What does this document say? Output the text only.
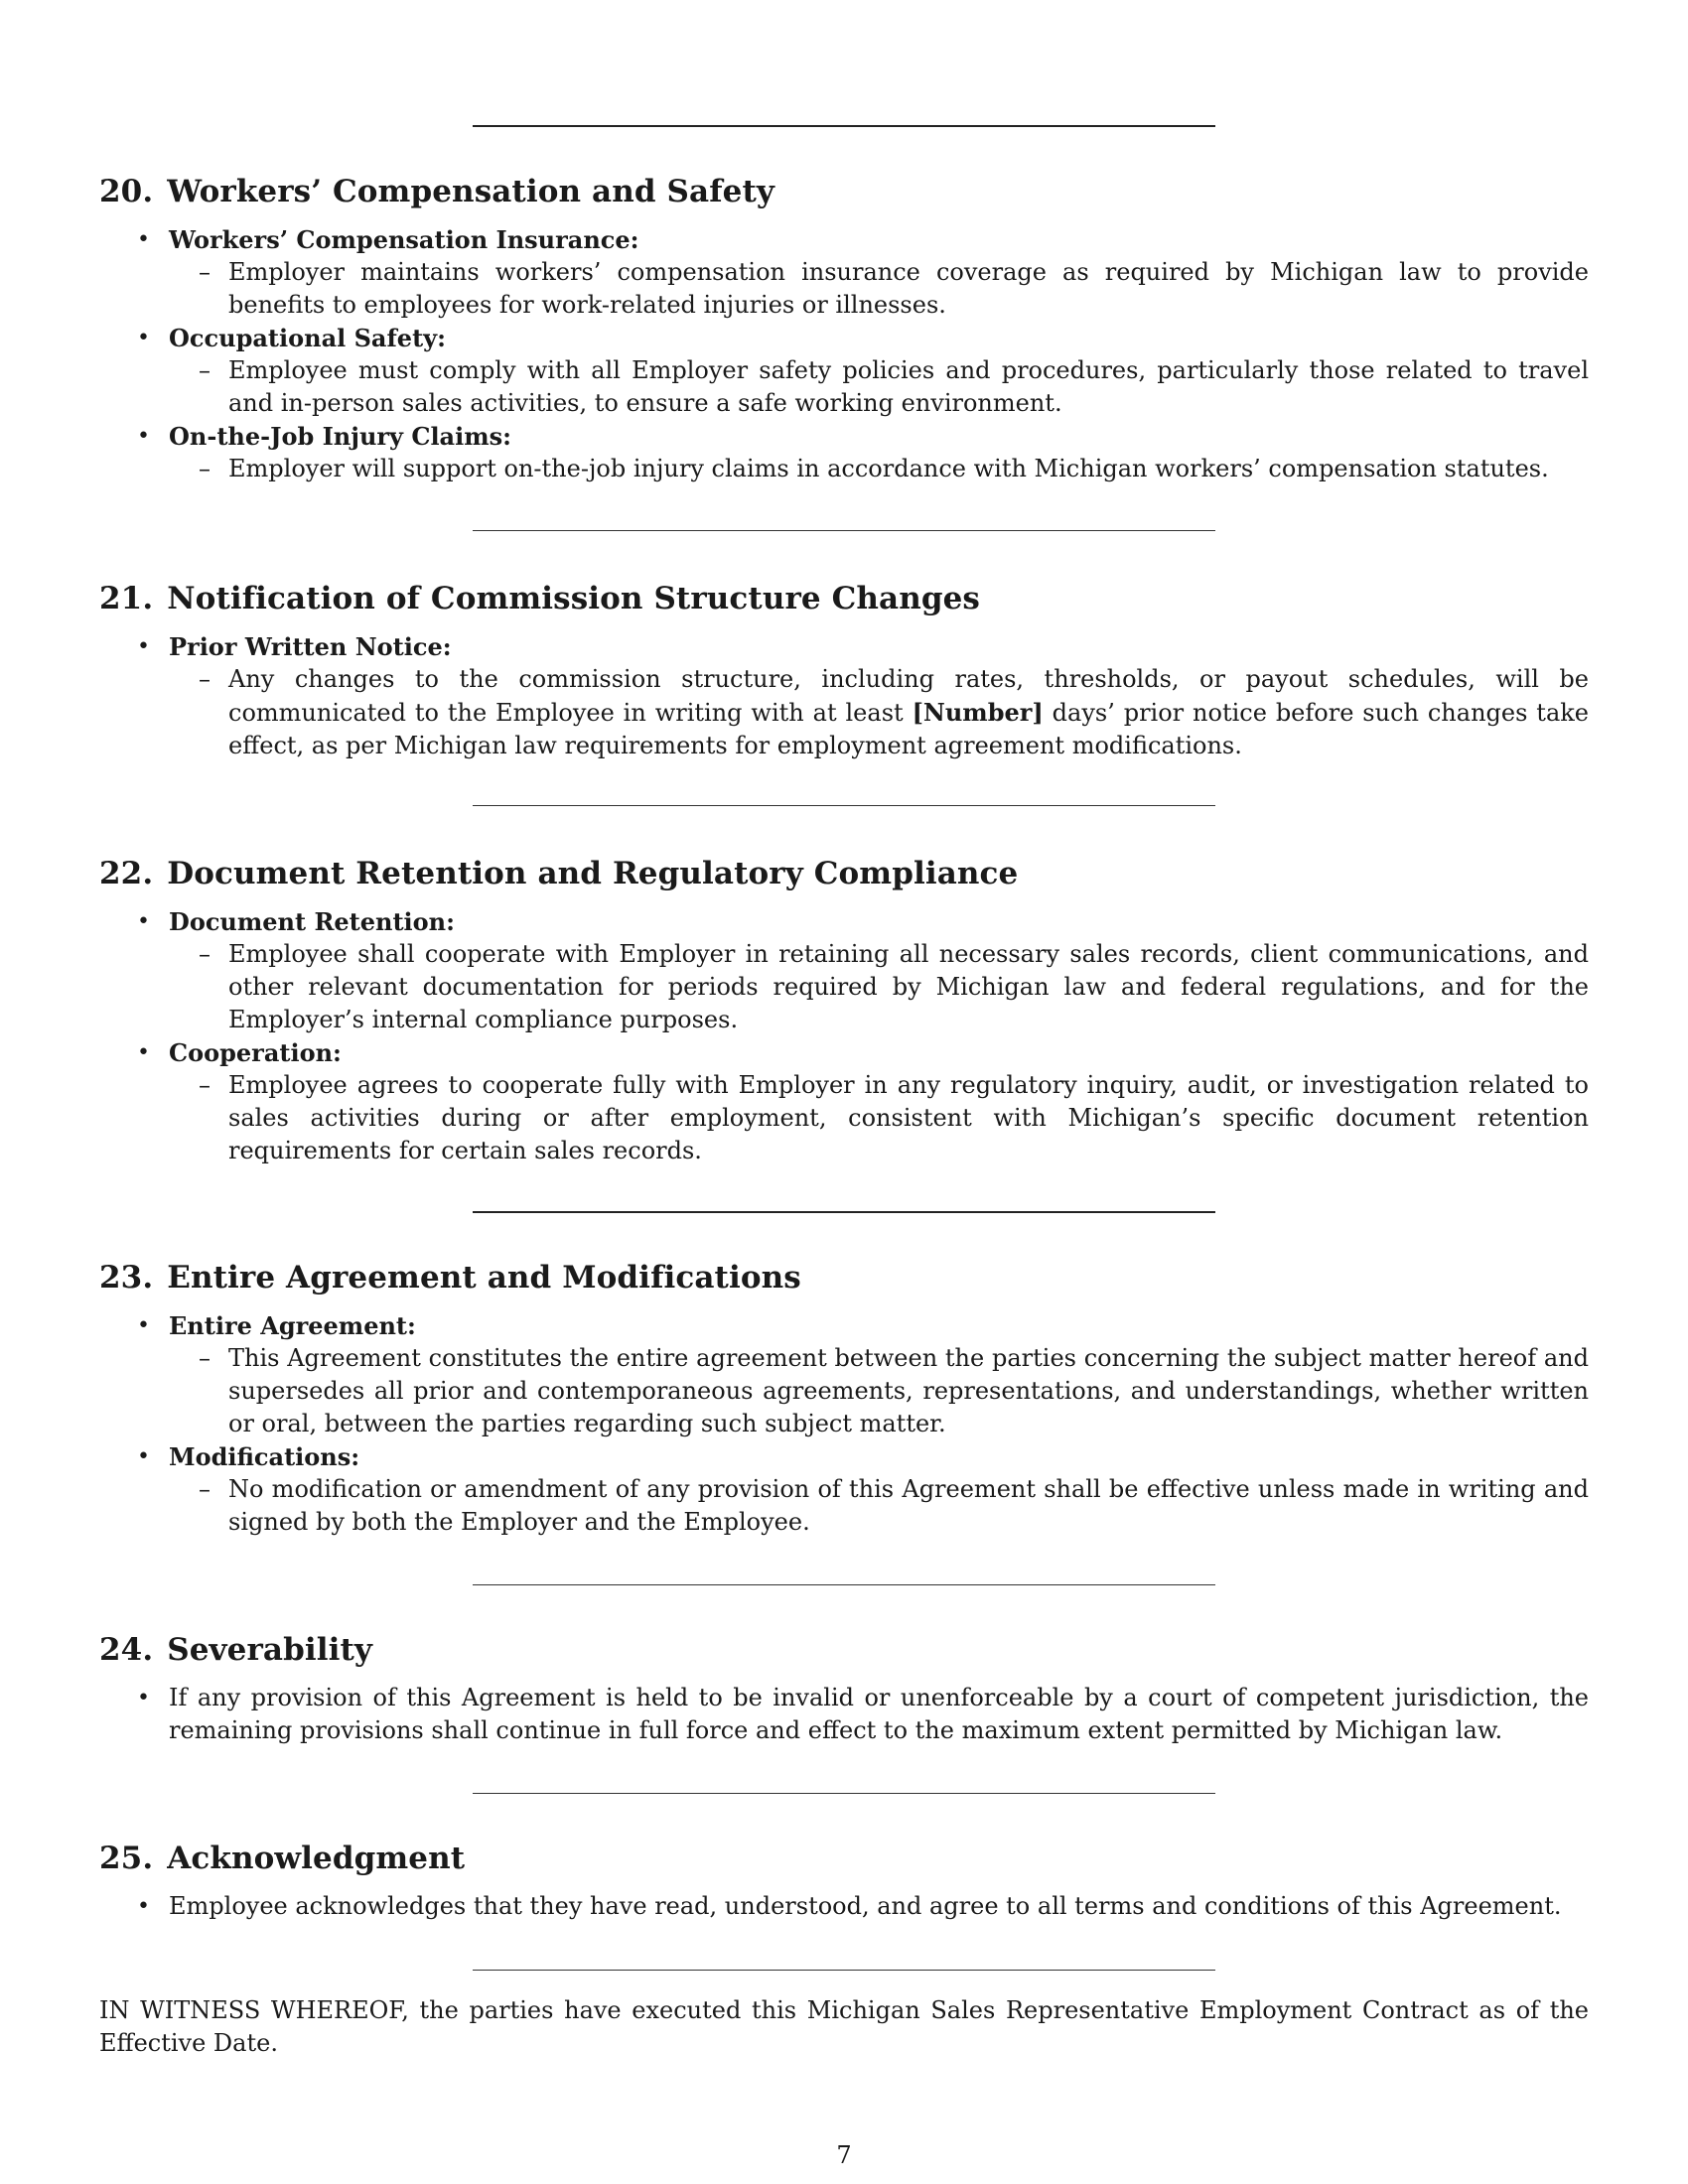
20. Workers’ Compensation and Safety
• Workers’ Compensation Insurance:
– Employer maintains workers’ compensation insurance coverage as required by Michigan law to provide benefits to employees for work-related injuries or illnesses.
• Occupational Safety:
– Employee must comply with all Employer safety policies and procedures, particularly those related to travel and in-person sales activities, to ensure a safe working environment.
• On-the-Job Injury Claims:
– Employer will support on-the-job injury claims in accordance with Michigan workers’ compensation statutes.
21. Notification of Commission Structure Changes
• Prior Written Notice:
– Any changes to the commission structure, including rates, thresholds, or payout schedules, will be communicated to the Employee in writing with at least [Number] days’ prior notice before such changes take effect, as per Michigan law requirements for employment agreement modifications.
22. Document Retention and Regulatory Compliance
• Document Retention:
– Employee shall cooperate with Employer in retaining all necessary sales records, client communications, and other relevant documentation for periods required by Michigan law and federal regulations, and for the Employer’s internal compliance purposes.
• Cooperation:
– Employee agrees to cooperate fully with Employer in any regulatory inquiry, audit, or investigation related to sales activities during or after employment, consistent with Michigan’s specific document retention requirements for certain sales records.
23. Entire Agreement and Modifications
• Entire Agreement:
– This Agreement constitutes the entire agreement between the parties concerning the subject matter hereof and supersedes all prior and contemporaneous agreements, representations, and understandings, whether written or oral, between the parties regarding such subject matter.
• Modifications:
– No modification or amendment of any provision of this Agreement shall be effective unless made in writing and signed by both the Employer and the Employee.
24. Severability
• If any provision of this Agreement is held to be invalid or unenforceable by a court of competent jurisdiction, the remaining provisions shall continue in full force and effect to the maximum extent permitted by Michigan law.
25. Acknowledgment
• Employee acknowledges that they have read, understood, and agree to all terms and conditions of this Agreement.
IN WITNESS WHEREOF, the parties have executed this Michigan Sales Representative Employment Contract as of the Effective Date.
7
